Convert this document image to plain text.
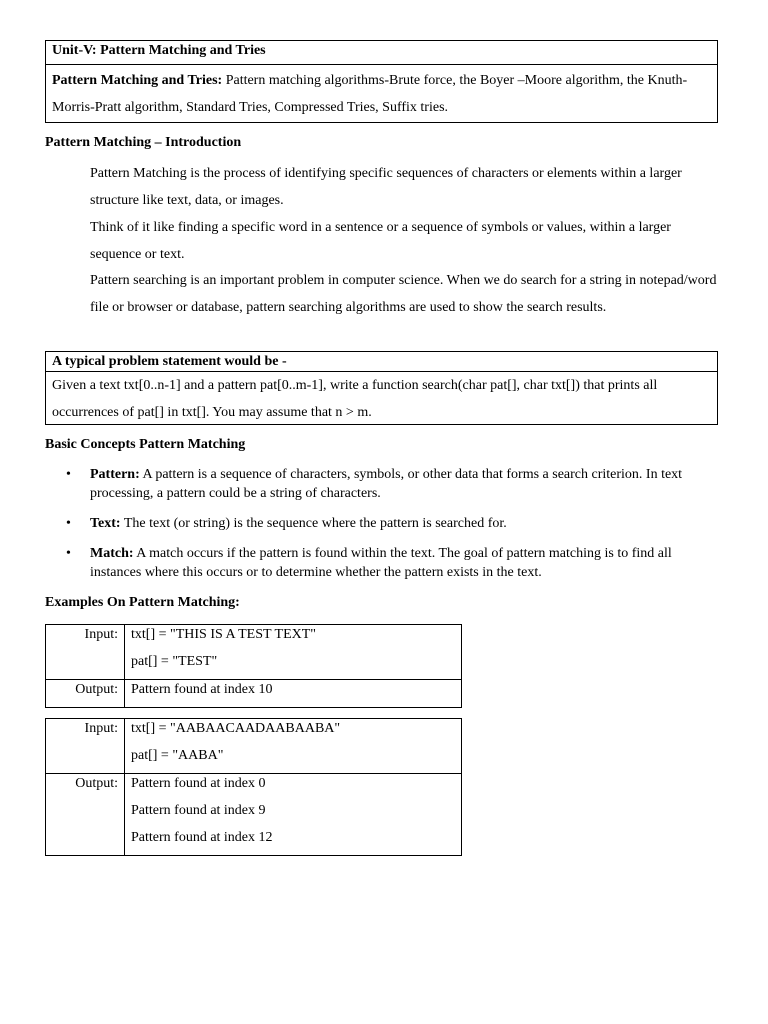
Unit-V: Pattern Matching and Tries
Pattern Matching and Tries: Pattern matching algorithms-Brute force, the Boyer –Moore algorithm, the Knuth-Morris-Pratt algorithm, Standard Tries, Compressed Tries, Suffix tries.
Pattern Matching – Introduction
Pattern Matching is the process of identifying specific sequences of characters or elements within a larger structure like text, data, or images.
Think of it like finding a specific word in a sentence or a sequence of symbols or values, within a larger sequence or text.
Pattern searching is an important problem in computer science. When we do search for a string in notepad/word file or browser or database, pattern searching algorithms are used to show the search results.
A typical problem statement would be -
Given a text txt[0..n-1] and a pattern pat[0..m-1], write a function search(char pat[], char txt[]) that prints all occurrences of pat[] in txt[]. You may assume that n > m.
Basic Concepts Pattern Matching
• Pattern: A pattern is a sequence of characters, symbols, or other data that forms a search criterion. In text processing, a pattern could be a string of characters.
• Text: The text (or string) is the sequence where the pattern is searched for.
• Match: A match occurs if the pattern is found within the text. The goal of pattern matching is to find all instances where this occurs or to determine whether the pattern exists in the text.
Examples On Pattern Matching:
Input:	txt[] = "THIS IS A TEST TEXT"
pat[] = "TEST"

Output:	Pattern found at index 10
Input:	txt[] = "AABAACAADAABAABA"
pat[] = "AABA"

Output:	Pattern found at index 0
Pattern found at index 9
Pattern found at index 12
